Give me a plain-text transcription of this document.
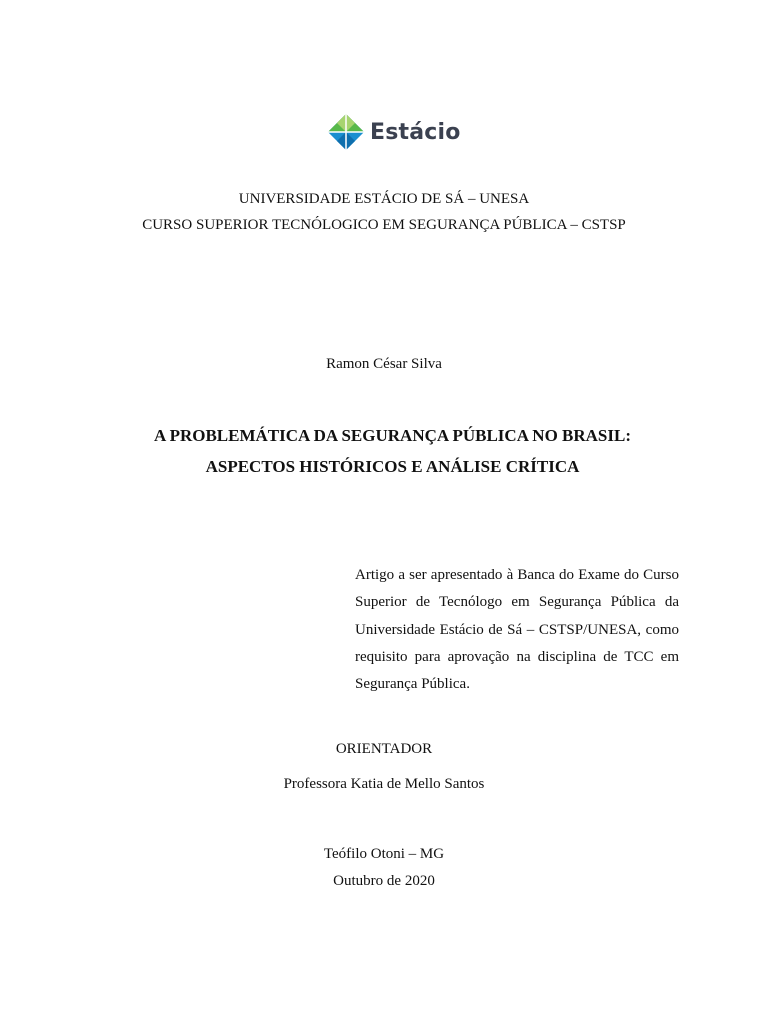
Estácio
UNIVERSIDADE ESTÁCIO DE SÁ – UNESA
CURSO SUPERIOR TECNÓLOGICO EM SEGURANÇA PÚBLICA – CSTSP
Ramon César Silva
A PROBLEMÁTICA DA SEGURANÇA PÚBLICA NO BRASIL:
ASPECTOS HISTÓRICOS E ANÁLISE CRÍTICA
Artigo a ser apresentado à Banca do Exame do Curso
Superior de Tecnólogo em Segurança Pública da
Universidade Estácio de Sá – CSTSP/UNESA, como
requisito para aprovação na disciplina de TCC em
Segurança Pública.
ORIENTADOR
Professora Katia de Mello Santos
Teófilo Otoni – MG
Outubro de 2020
